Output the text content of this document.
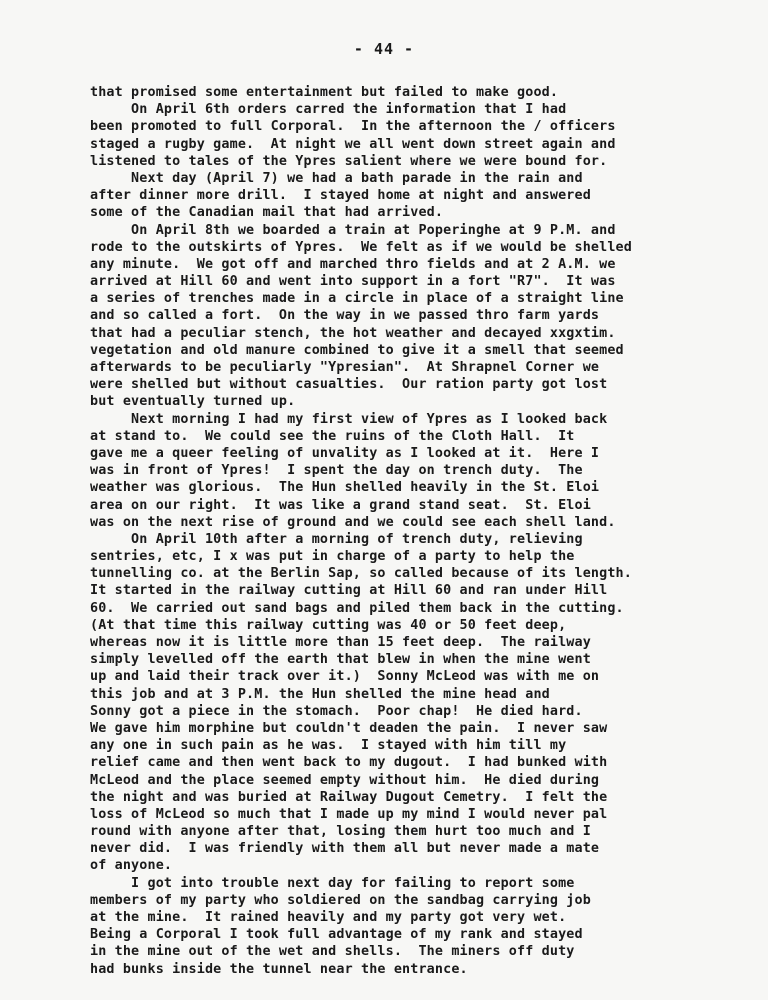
- 44 -
that promised some entertainment but failed to make good.
On April 6th orders carred the information that I had
been promoted to full Corporal.  In the afternoon the / officers
staged a rugby game.  At night we all went down street again and
listened to tales of the Ypres salient where we were bound for.
Next day (April 7) we had a bath parade in the rain and
after dinner more drill.  I stayed home at night and answered
some of the Canadian mail that had arrived.
On April 8th we boarded a train at Poperinghe at 9 P.M. and
rode to the outskirts of Ypres.  We felt as if we would be shelled
any minute.  We got off and marched thro fields and at 2 A.M. we
arrived at Hill 60 and went into support in a fort "R7".  It was
a series of trenches made in a circle in place of a straight line
and so called a fort.  On the way in we passed thro farm yards
that had a peculiar stench, the hot weather and decayed xxgxtim.
vegetation and old manure combined to give it a smell that seemed
afterwards to be peculiarly "Ypresian".  At Shrapnel Corner we
were shelled but without casualties.  Our ration party got lost
but eventually turned up.
Next morning I had my first view of Ypres as I looked back
at stand to.  We could see the ruins of the Cloth Hall.  It
gave me a queer feeling of unvality as I looked at it.  Here I
was in front of Ypres!  I spent the day on trench duty.  The
weather was glorious.  The Hun shelled heavily in the St. Eloi
area on our right.  It was like a grand stand seat.  St. Eloi
was on the next rise of ground and we could see each shell land.
On April 10th after a morning of trench duty, relieving
sentries, etc, I x was put in charge of a party to help the
tunnelling co. at the Berlin Sap, so called because of its length.
It started in the railway cutting at Hill 60 and ran under Hill
60.  We carried out sand bags and piled them back in the cutting.
(At that time this railway cutting was 40 or 50 feet deep,
whereas now it is little more than 15 feet deep.  The railway
simply levelled off the earth that blew in when the mine went
up and laid their track over it.)  Sonny McLeod was with me on
this job and at 3 P.M. the Hun shelled the mine head and
Sonny got a piece in the stomach.  Poor chap!  He died hard.
We gave him morphine but couldn't deaden the pain.  I never saw
any one in such pain as he was.  I stayed with him till my
relief came and then went back to my dugout.  I had bunked with
McLeod and the place seemed empty without him.  He died during
the night and was buried at Railway Dugout Cemetry.  I felt the
loss of McLeod so much that I made up my mind I would never pal
round with anyone after that, losing them hurt too much and I
never did.  I was friendly with them all but never made a mate
of anyone.
I got into trouble next day for failing to report some
members of my party who soldiered on the sandbag carrying job
at the mine.  It rained heavily and my party got very wet.
Being a Corporal I took full advantage of my rank and stayed
in the mine out of the wet and shells.  The miners off duty
had bunks inside the tunnel near the entrance.
